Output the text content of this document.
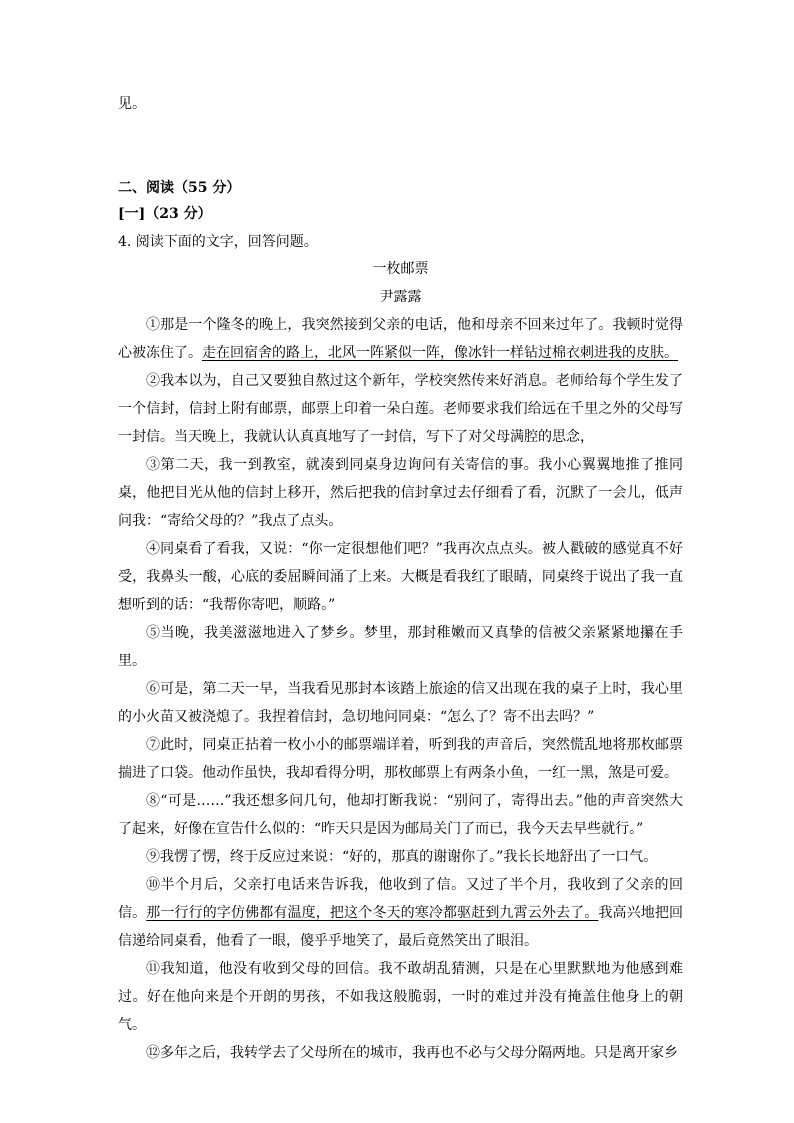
见。
二、阅读（55 分）
[一]（23 分）
4. 阅读下面的文字，回答问题。
一枚邮票
尹露露

①那是一个隆冬的晚上，我突然接到父亲的电话，他和母亲不回来过年了。我顿时觉得心被冻住了。走在回宿舍的路上，北风一阵紧似一阵，像冰针一样钻过棉衣刺进我的皮肤。

②我本以为，自己又要独自熬过这个新年，学校突然传来好消息。老师给每个学生发了一个信封，信封上附有邮票，邮票上印着一朵白莲。老师要求我们给远在千里之外的父母写一封信。当天晚上，我就认认真真地写了一封信，写下了对父母满腔的思念，

③第二天，我一到教室，就凑到同桌身边询问有关寄信的事。我小心翼翼地推了推同桌，他把目光从他的信封上移开，然后把我的信封拿过去仔细看了看，沉默了一会儿，低声问我：“寄给父母的？”我点了点头。

④同桌看了看我，又说：“你一定很想他们吧？”我再次点点头。被人戳破的感觉真不好受，我鼻头一酸，心底的委屈瞬间涌了上来。大概是看我红了眼睛，同桌终于说出了我一直想听到的话：“我帮你寄吧，顺路。”

⑤当晚，我美滋滋地进入了梦乡。梦里，那封稚嫩而又真挚的信被父亲紧紧地攥在手里。

⑥可是，第二天一早，当我看见那封本该踏上旅途的信又出现在我的桌子上时，我心里的小火苗又被浇熄了。我捏着信封，急切地问同桌：“怎么了？寄不出去吗？”

⑦此时，同桌正拈着一枚小小的邮票端详着，听到我的声音后，突然慌乱地将那枚邮票揣进了口袋。他动作虽快，我却看得分明，那枚邮票上有两条小鱼，一红一黑，煞是可爱。

⑧“可是……”我还想多问几句，他却打断我说：“别问了，寄得出去。”他的声音突然大了起来，好像在宣告什么似的：“昨天只是因为邮局关门了而已，我今天去早些就行。”

⑨我愣了愣，终于反应过来说：“好的，那真的谢谢你了。”我长长地舒出了一口气。

⑩半个月后，父亲打电话来告诉我，他收到了信。又过了半个月，我收到了父亲的回信。那一行行的字仿佛都有温度，把这个冬天的寒冷都驱赶到九霄云外去了。我高兴地把回信递给同桌看，他看了一眼，傻乎乎地笑了，最后竟然笑出了眼泪。

⑪我知道，他没有收到父母的回信。我不敢胡乱猜测，只是在心里默默地为他感到难过。好在他向来是个开朗的男孩，不如我这般脆弱，一时的难过并没有掩盖住他身上的朝气。

⑫多年之后，我转学去了父母所在的城市，我再也不必与父母分隔两地。只是离开家乡
